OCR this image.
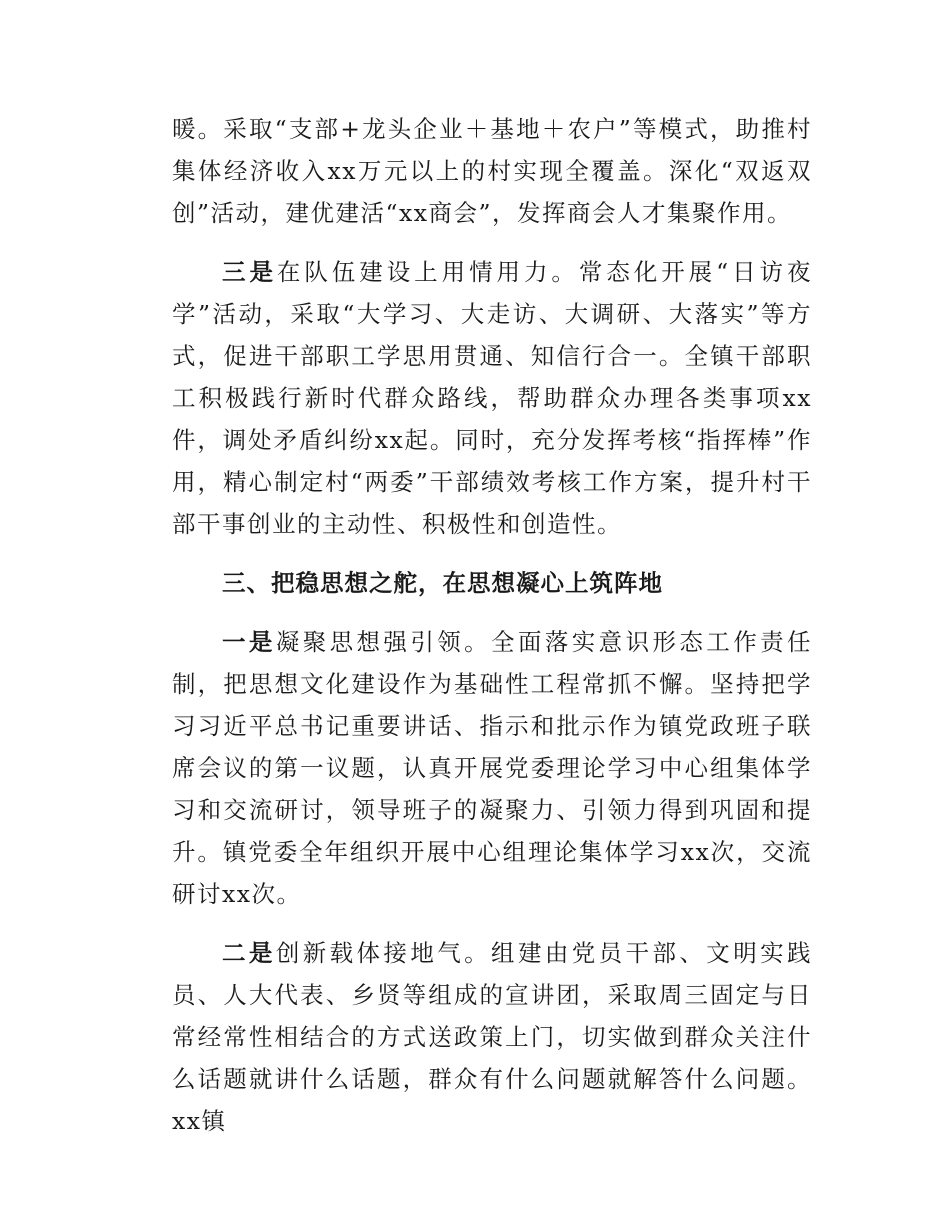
暖。采取“支部+龙头企业＋基地＋农户”等模式，助推村集体经济收入xx万元以上的村实现全覆盖。深化“双返双创”活动，建优建活“xx商会”，发挥商会人才集聚作用。

三是在队伍建设上用情用力。常态化开展“日访夜学”活动，采取“大学习、大走访、大调研、大落实”等方式，促进干部职工学思用贯通、知信行合一。全镇干部职工积极践行新时代群众路线，帮助群众办理各类事项xx件，调处矛盾纠纷xx起。同时，充分发挥考核“指挥棒”作用，精心制定村“两委”干部绩效考核工作方案，提升村干部干事创业的主动性、积极性和创造性。

三、把稳思想之舵，在思想凝心上筑阵地

一是凝聚思想强引领。全面落实意识形态工作责任制，把思想文化建设作为基础性工程常抓不懈。坚持把学习习近平总书记重要讲话、指示和批示作为镇党政班子联席会议的第一议题，认真开展党委理论学习中心组集体学习和交流研讨，领导班子的凝聚力、引领力得到巩固和提升。镇党委全年组织开展中心组理论集体学习xx次，交流研讨xx次。

二是创新载体接地气。组建由党员干部、文明实践员、人大代表、乡贤等组成的宣讲团，采取周三固定与日常经常性相结合的方式送政策上门，切实做到群众关注什么话题就讲什么话题，群众有什么问题就解答什么问题。xx镇
